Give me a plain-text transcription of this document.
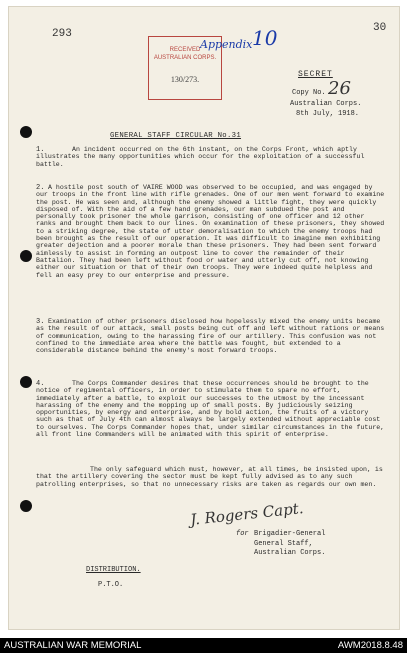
293	30
RECEIVED
AUSTRALIAN CORPS.
130/273.
Appendix 10
SECRET
Copy No. 26
Australian Corps.
8th July, 1918.
GENERAL STAFF CIRCULAR No.31
1.	An incident occurred on the 6th instant, on the Corps Front, which aptly illustrates the many opportunities which occur for the exploitation of a successful battle.
2. A hostile post south of VAIRE WOOD was observed to be occupied, and was engaged by our troops in the front line with rifle grenades. One of our men went forward to examine the post. He was seen and, although the enemy showed a little fight, they were quickly disposed of. With the aid of a few hand grenades, our man subdued the post and personally took prisoner the whole garrison, consisting of one officer and 12 other ranks and brought them back to our lines. On examination of these prisoners, they showed to a striking degree, the state of utter demoralisation to which the enemy troops had been brought as the result of our operation. It was difficult to imagine men exhibiting greater dejection and a poorer morale than these prisoners. They had been sent forward aimlessly to assist in forming an outpost line to cover the remainder of their Battalion. They had been left without food or water and utterly cut off, not knowing either our situation or that of their own troops. They were indeed quite helpless and fell an easy prey to our enterprise and pressure.
3. Examination of other prisoners disclosed how hopelessly mixed the enemy units became as the result of our attack, small posts being cut off and left without rations or means of communication, owing to the harassing fire of our artillery. This confusion was not confined to the immediate area where the battle was fought, but extended to a considerable distance behind the enemy's most forward troops.
4.	The Corps Commander desires that these occurrences should be brought to the notice of regimental officers, in order to stimulate them to spare no effort, immediately after a battle, to exploit our successes to the utmost by the incessant harassing of the enemy and the mopping up of small posts. By judiciously seizing opportunities, by energy and enterprise, and by bold action, the fruits of a victory such as that of July 4th can almost always be largely extended without appreciable cost to ourselves. The Corps Commander hopes that, under similar circumstances in the future, all front line Commanders will be animated with this spirit of enterprise.
The only safeguard which must, however, at all times, be insisted upon, is that the artillery covering the sector must be kept fully advised as to any such patrolling enterprises, so that no unnecessary risks are taken as regards our own men.
J. Rogers Capt.
for Brigadier-General
General Staff,
Australian Corps.
DISTRIBUTION.
P.T.O.
AUSTRALIAN WAR MEMORIAL	AWM2018.8.48
